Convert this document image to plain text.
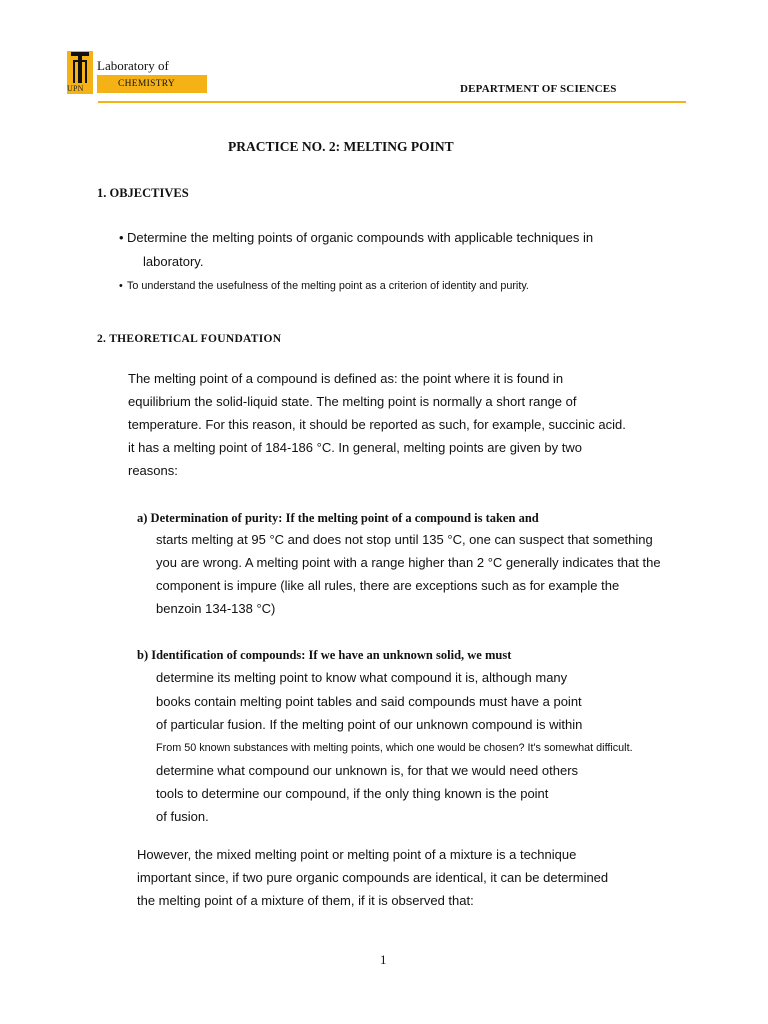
UPN
Laboratory of
CHEMISTRY	DEPARTMENT OF SCIENCES
PRACTICE NO. 2: MELTING POINT
1. OBJECTIVES
• Determine the melting points of organic compounds with applicable techniques in
laboratory.
• To understand the usefulness of the melting point as a criterion of identity and purity.
2. THEORETICAL FOUNDATION
The melting point of a compound is defined as: the point where it is found in
equilibrium the solid-liquid state. The melting point is normally a short range of
temperature. For this reason, it should be reported as such, for example, succinic acid.
it has a melting point of 184-186 °C. In general, melting points are given by two
reasons:
a) Determination of purity: If the melting point of a compound is taken and
starts melting at 95 °C and does not stop until 135 °C, one can suspect that something
you are wrong. A melting point with a range higher than 2 °C generally indicates that the
component is impure (like all rules, there are exceptions such as for example the
benzoin 134-138 °C)
b) Identification of compounds: If we have an unknown solid, we must
determine its melting point to know what compound it is, although many
books contain melting point tables and said compounds must have a point
of particular fusion. If the melting point of our unknown compound is within
From 50 known substances with melting points, which one would be chosen? It's somewhat difficult.
determine what compound our unknown is, for that we would need others
tools to determine our compound, if the only thing known is the point
of fusion.
However, the mixed melting point or melting point of a mixture is a technique
important since, if two pure organic compounds are identical, it can be determined
the melting point of a mixture of them, if it is observed that:
1
